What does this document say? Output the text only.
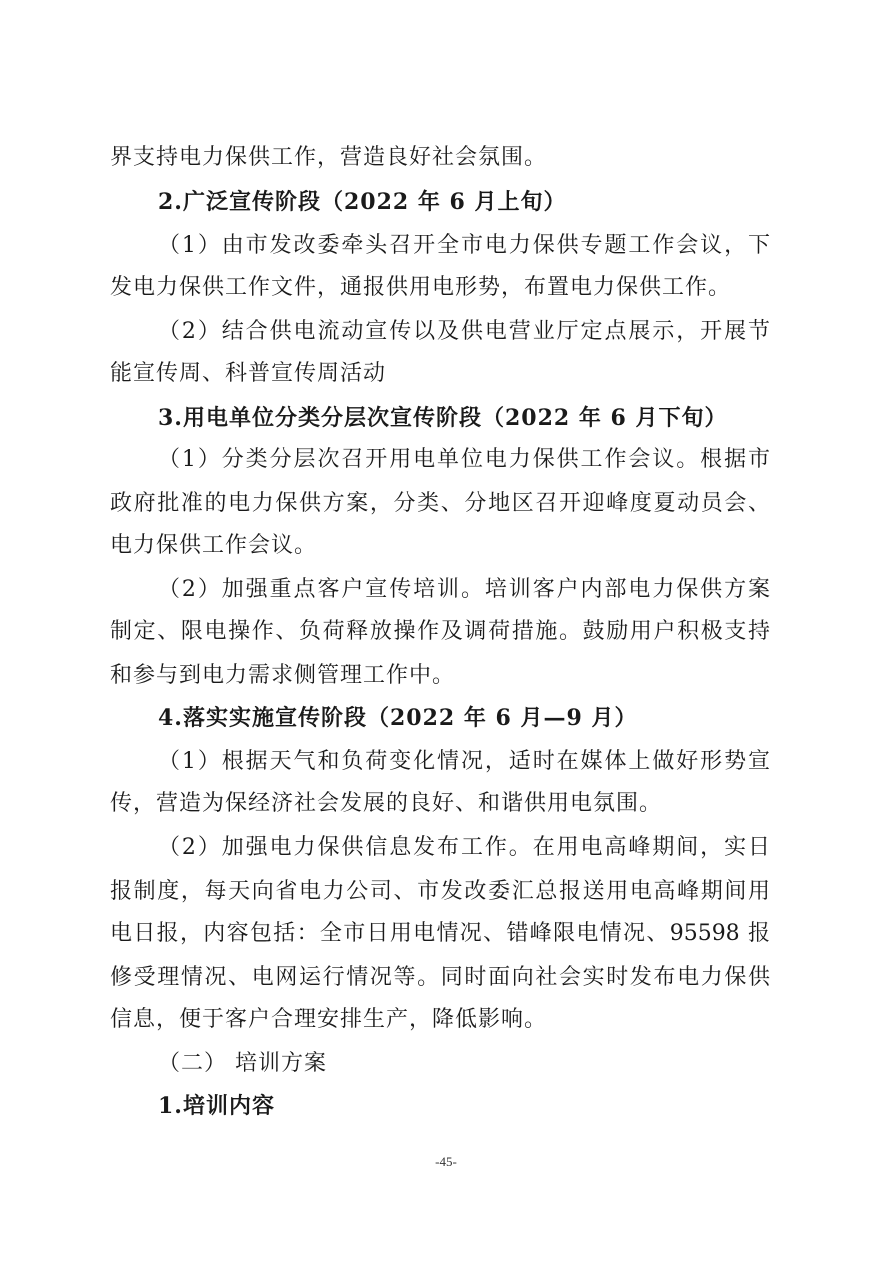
界支持电力保供工作，营造良好社会氛围。
2.广泛宣传阶段（2022 年 6 月上旬）
（1）由市发改委牵头召开全市电力保供专题工作会议，下
发电力保供工作文件，通报供用电形势，布置电力保供工作。
（2）结合供电流动宣传以及供电营业厅定点展示，开展节
能宣传周、科普宣传周活动
3.用电单位分类分层次宣传阶段（2022 年 6 月下旬）
（1）分类分层次召开用电单位电力保供工作会议。根据市
政府批准的电力保供方案，分类、分地区召开迎峰度夏动员会、
电力保供工作会议。
（2）加强重点客户宣传培训。培训客户内部电力保供方案
制定、限电操作、负荷释放操作及调荷措施。鼓励用户积极支持
和参与到电力需求侧管理工作中。
4.落实实施宣传阶段（2022 年 6 月—9 月）
（1）根据天气和负荷变化情况，适时在媒体上做好形势宣
传，营造为保经济社会发展的良好、和谐供用电氛围。
（2）加强电力保供信息发布工作。在用电高峰期间，实日
报制度，每天向省电力公司、市发改委汇总报送用电高峰期间用
电日报，内容包括：全市日用电情况、错峰限电情况、95598 报
修受理情况、电网运行情况等。同时面向社会实时发布电力保供
信息，便于客户合理安排生产，降低影响。
（二） 培训方案
1.培训内容
-45-
